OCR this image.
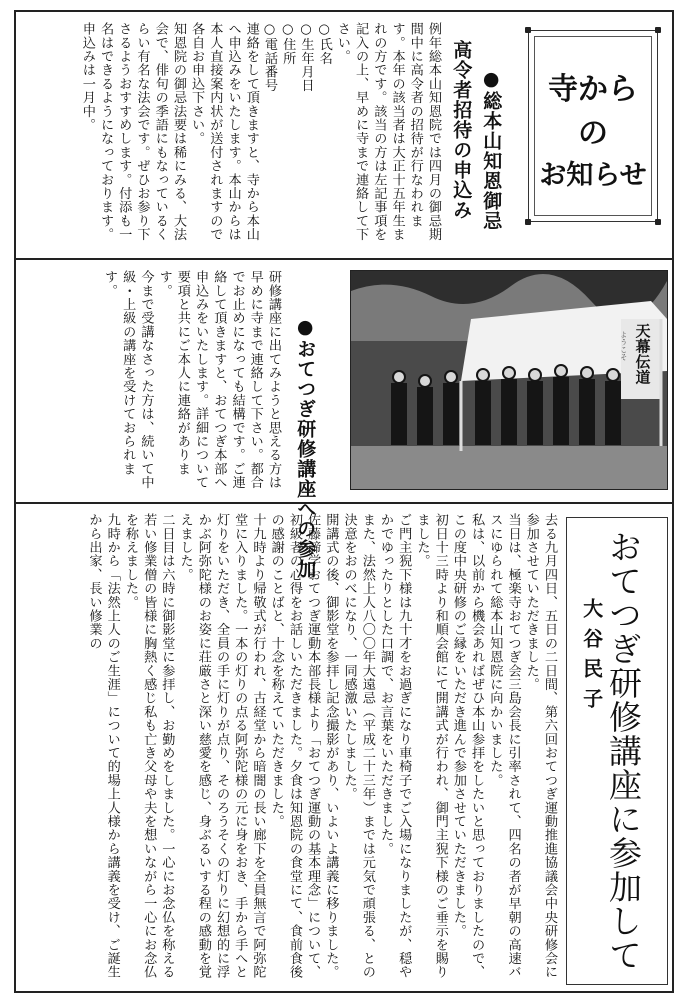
寺から
の
お知らせ

●総本山知恩御忌

高令者招待の申込み
例年総本山知恩院では四月の御忌期間中に高令者の招待が行なわれます。本年の該当者は大正十五年生まれの方です。該当の方は左記事項を記入の上、早めに寺まで連絡して下さい。
○氏名
○生年月日
○住所
○電話番号
連絡をして頂きますと、寺から本山へ申込みをいたします。本山からは本人直接案内状が送付されますので各自お申込下さい。
知恩院の御忌法要は稀にみる、大法会で、俳句の季語にもなっているくらい有名な法会です。ぜひお参り下さるようおすすめします。付添も一名はできるようになっております。申込みは一月中。

●おてつぎ研修講座への参加

研修講座に出てみようと思える方は早めに寺まで連絡して下さい。都合でお止めになっても結構です。ご連絡して頂きますと、おてつぎ本部へ申込みをいたします。詳細について要項と共にご本人に連絡があります。
今まで受講なさった方は、続いて中級・上級の講座を受けておられます。
天幕伝道
ようこそ
おてつぎ研修講座に参加して
大谷民子
去る九月四日、五日の二日間、第六回おてつぎ運動推進協議会中央研修会に参加させていただきました。
当日は、極楽寺おてつぎ会三島会長に引率されて、四名の者が早朝の高速バスにゆられて総本山知恩院に向かいました。
私は、以前から機会あればぜひ本山参拝をしたいと思っておりましたので、この度中央研修のご縁をいただき進んで参加させていただきました。
初日十三時より和順会館にて開講式が行われ、御門主猊下様のご垂示を賜りました。
ご門主猊下様は九十才をお過ぎになり車椅子でご入場になりましたが、穏やかでゆったりとした口調で、お言葉をいただきました。
また、法然上人八〇〇年大遠忌（平成二十三年）までは元気で頑張る、との決意をおのべになり、一同感激いたしました。
開講式の後、御影堂を参拝し記念撮影があり、いよいよ講義に移りました。佐藤諦学おてつぎ運動本部長様より「おてつぎ運動の基本理念」について、初級者の心得をお話しいただきました。夕食は知恩院の食堂にて、食前食後の感謝のことばと、十念を称えていただきました。
十九時より帰敬式が行われ、古経堂から暗闇の長い廊下を全員無言で阿弥陀堂に入りました。一本の灯りの点る阿弥陀様の元に身をおき、手から手へと灯りをいただき、全員の手に灯りが点り、そのろうそくの灯りに幻想的に浮かぶ阿弥陀様のお姿に荘厳さと深い慈愛を感じ、身ぶるいする程の感動を覚えました。
二日目は六時に御影堂に参拝し、お勤めをしました。一心にお念仏を称える若い修業僧の皆様に胸熱く感じ私も亡き父母や夫を想いながら一心にお念仏を称えました。
九時から「法然上人のご生涯」について的場上人様から講義を受け、ご誕生から出家、長い修業の
